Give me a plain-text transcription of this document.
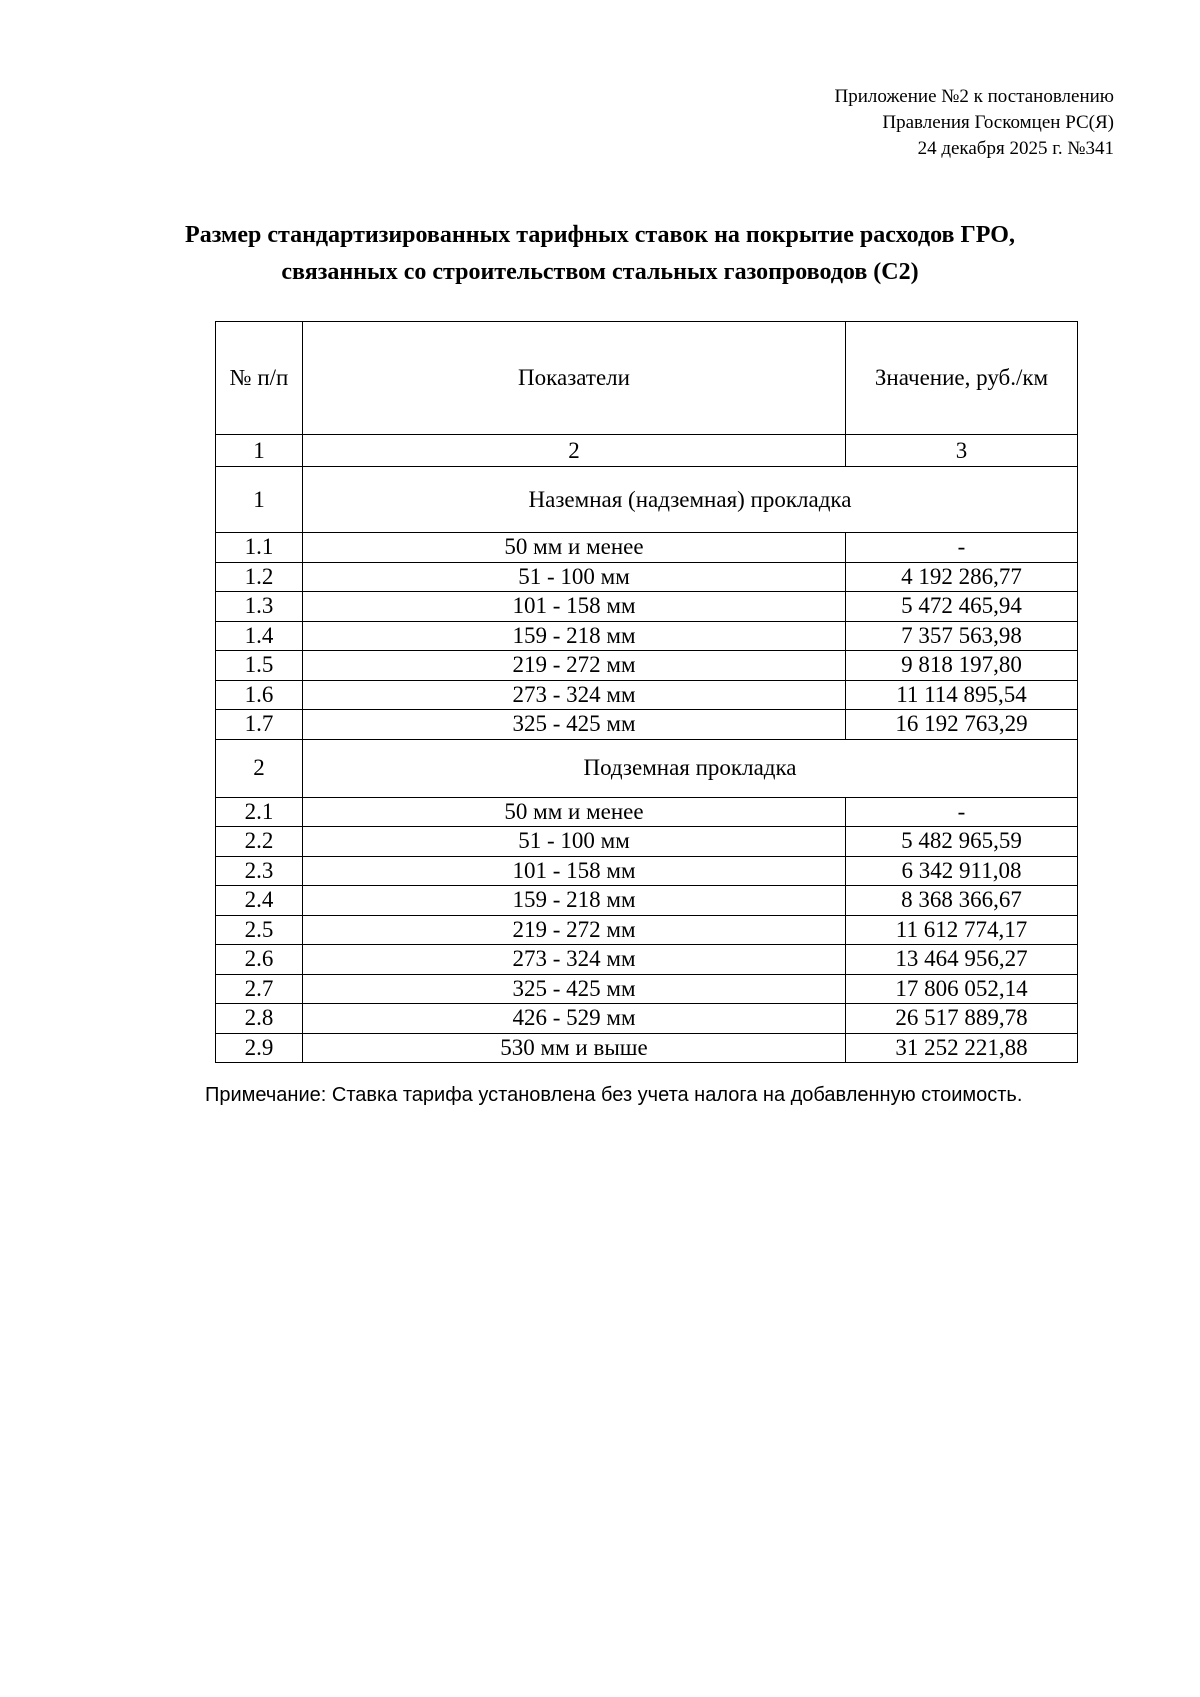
Приложение №2 к постановлению
Правления Госкомцен РС(Я)
24 декабря 2025 г. №341
Размер стандартизированных тарифных ставок на покрытие расходов ГРО,
связанных со строительством стальных газопроводов (С2)
№ п/п	Показатели	Значение, руб./км
1	2	3
1	Наземная (надземная) прокладка	
1.1	50 мм и менее	-
1.2	51 - 100 мм	4 192 286,77
1.3	101 - 158 мм	5 472 465,94
1.4	159 - 218 мм	7 357 563,98
1.5	219 - 272 мм	9 818 197,80
1.6	273 - 324 мм	11 114 895,54
1.7	325 - 425 мм	16 192 763,29
2	Подземная прокладка	
2.1	50 мм и менее	-
2.2	51 - 100 мм	5 482 965,59
2.3	101 - 158 мм	6 342 911,08
2.4	159 - 218 мм	8 368 366,67
2.5	219 - 272 мм	11 612 774,17
2.6	273 - 324 мм	13 464 956,27
2.7	325 - 425 мм	17 806 052,14
2.8	426 - 529 мм	26 517 889,78
2.9	530 мм и выше	31 252 221,88
Примечание: Ставка тарифа установлена без учета налога на добавленную стоимость.
